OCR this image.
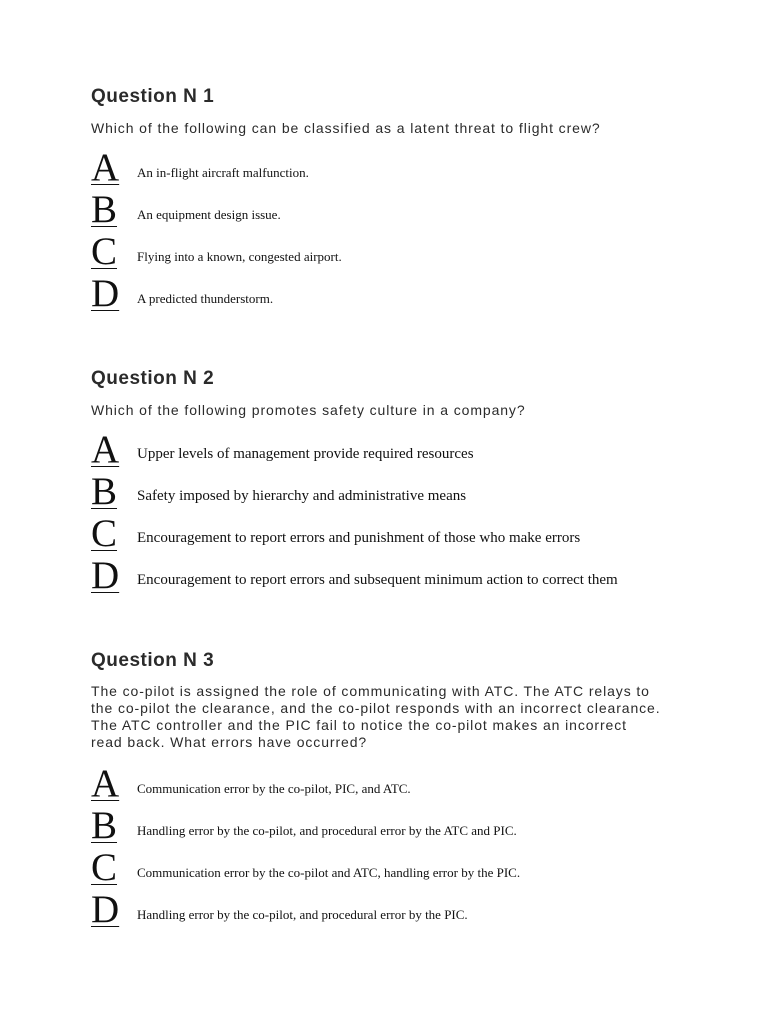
Question N 1

Which of the following can be classified as a latent threat to flight crew?

A An in-flight aircraft malfunction.
B An equipment design issue.
C Flying into a known, congested airport.
D A predicted thunderstorm.
Question N 2

Which of the following promotes safety culture in a company?

A Upper levels of management provide required resources
B Safety imposed by hierarchy and administrative means
C Encouragement to report errors and punishment of those who make errors
D Encouragement to report errors and subsequent minimum action to correct them
Question N 3

The co-pilot is assigned the role of communicating with ATC. The ATC relays to
the co-pilot the clearance, and the co-pilot responds with an incorrect clearance.
The ATC controller and the PIC fail to notice the co-pilot makes an incorrect
read back. What errors have occurred?

A Communication error by the co-pilot, PIC, and ATC.
B Handling error by the co-pilot, and procedural error by the ATC and PIC.
C Communication error by the co-pilot and ATC, handling error by the PIC.
D Handling error by the co-pilot, and procedural error by the PIC.
